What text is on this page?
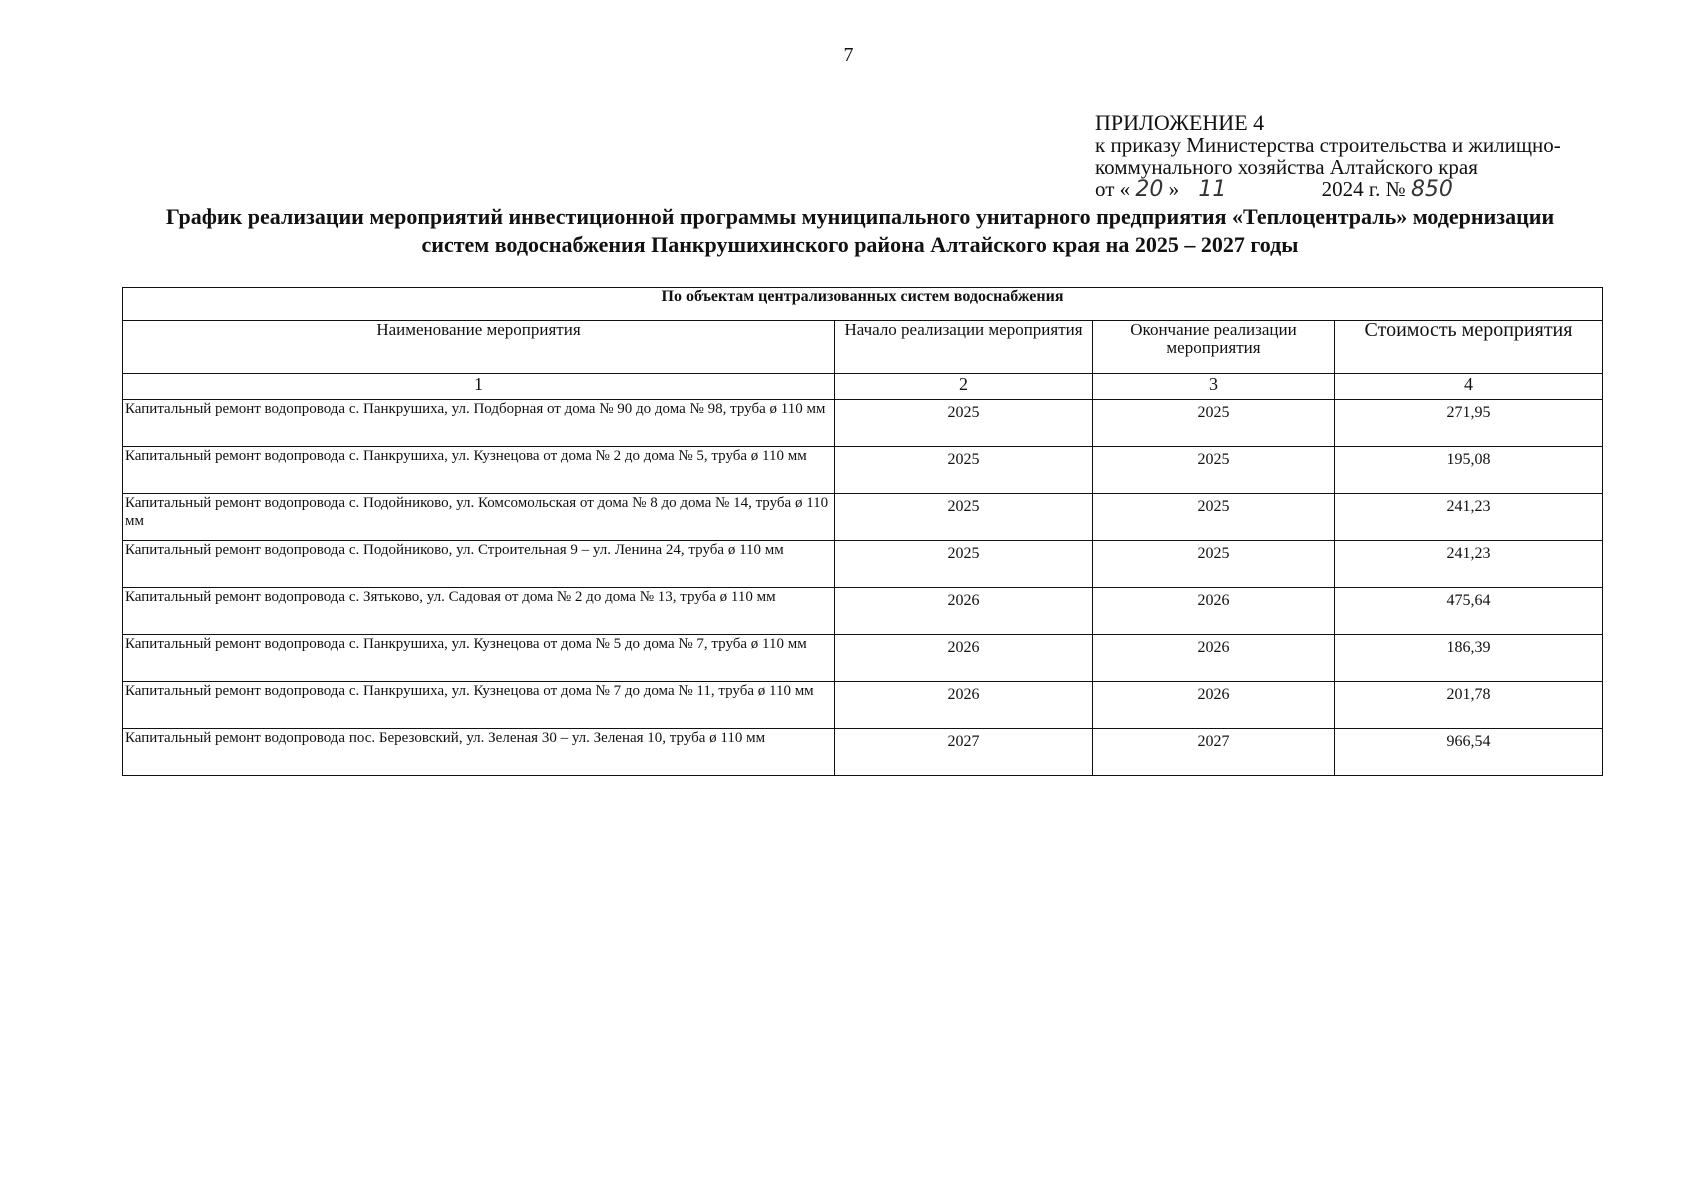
7
ПРИЛОЖЕНИЕ 4
к приказу Министерства строительства и жилищно-
коммунального хозяйства Алтайского края
от « 20 » 11	2024 г. № 850
График реализации мероприятий инвестиционной программы муниципального унитарного предприятия «Теплоцентраль» модернизации
систем водоснабжения Панкрушихинского района Алтайского края на 2025 – 2027 годы
По объектам централизованных систем водоснабжения			
Наименование мероприятия	Начало реализации мероприятия	Окончание реализации мероприятия	Стоимость мероприятия
1	2	3	4
Капитальный ремонт водопровода с. Панкрушиха, ул. Подборная от дома № 90 до дома № 98, труба ø 110 мм	2025	2025	271,95
Капитальный ремонт водопровода с. Панкрушиха, ул. Кузнецова от дома № 2 до дома № 5, труба ø 110 мм	2025	2025	195,08
Капитальный ремонт водопровода с. Подойниково, ул. Комсомольская от дома № 8 до дома № 14, труба ø 110 мм	2025	2025	241,23
Капитальный ремонт водопровода с. Подойниково, ул. Строительная 9 – ул. Ленина 24, труба ø 110 мм	2025	2025	241,23
Капитальный ремонт водопровода с. Зятьково, ул. Садовая от дома № 2 до дома № 13, труба ø 110 мм	2026	2026	475,64
Капитальный ремонт водопровода с. Панкрушиха, ул. Кузнецова от дома № 5 до дома № 7, труба ø 110 мм	2026	2026	186,39
Капитальный ремонт водопровода с. Панкрушиха, ул. Кузнецова от дома № 7 до дома № 11, труба ø 110 мм	2026	2026	201,78
Капитальный ремонт водопровода пос. Березовский, ул. Зеленая 30 – ул. Зеленая 10, труба ø 110 мм	2027	2027	966,54
